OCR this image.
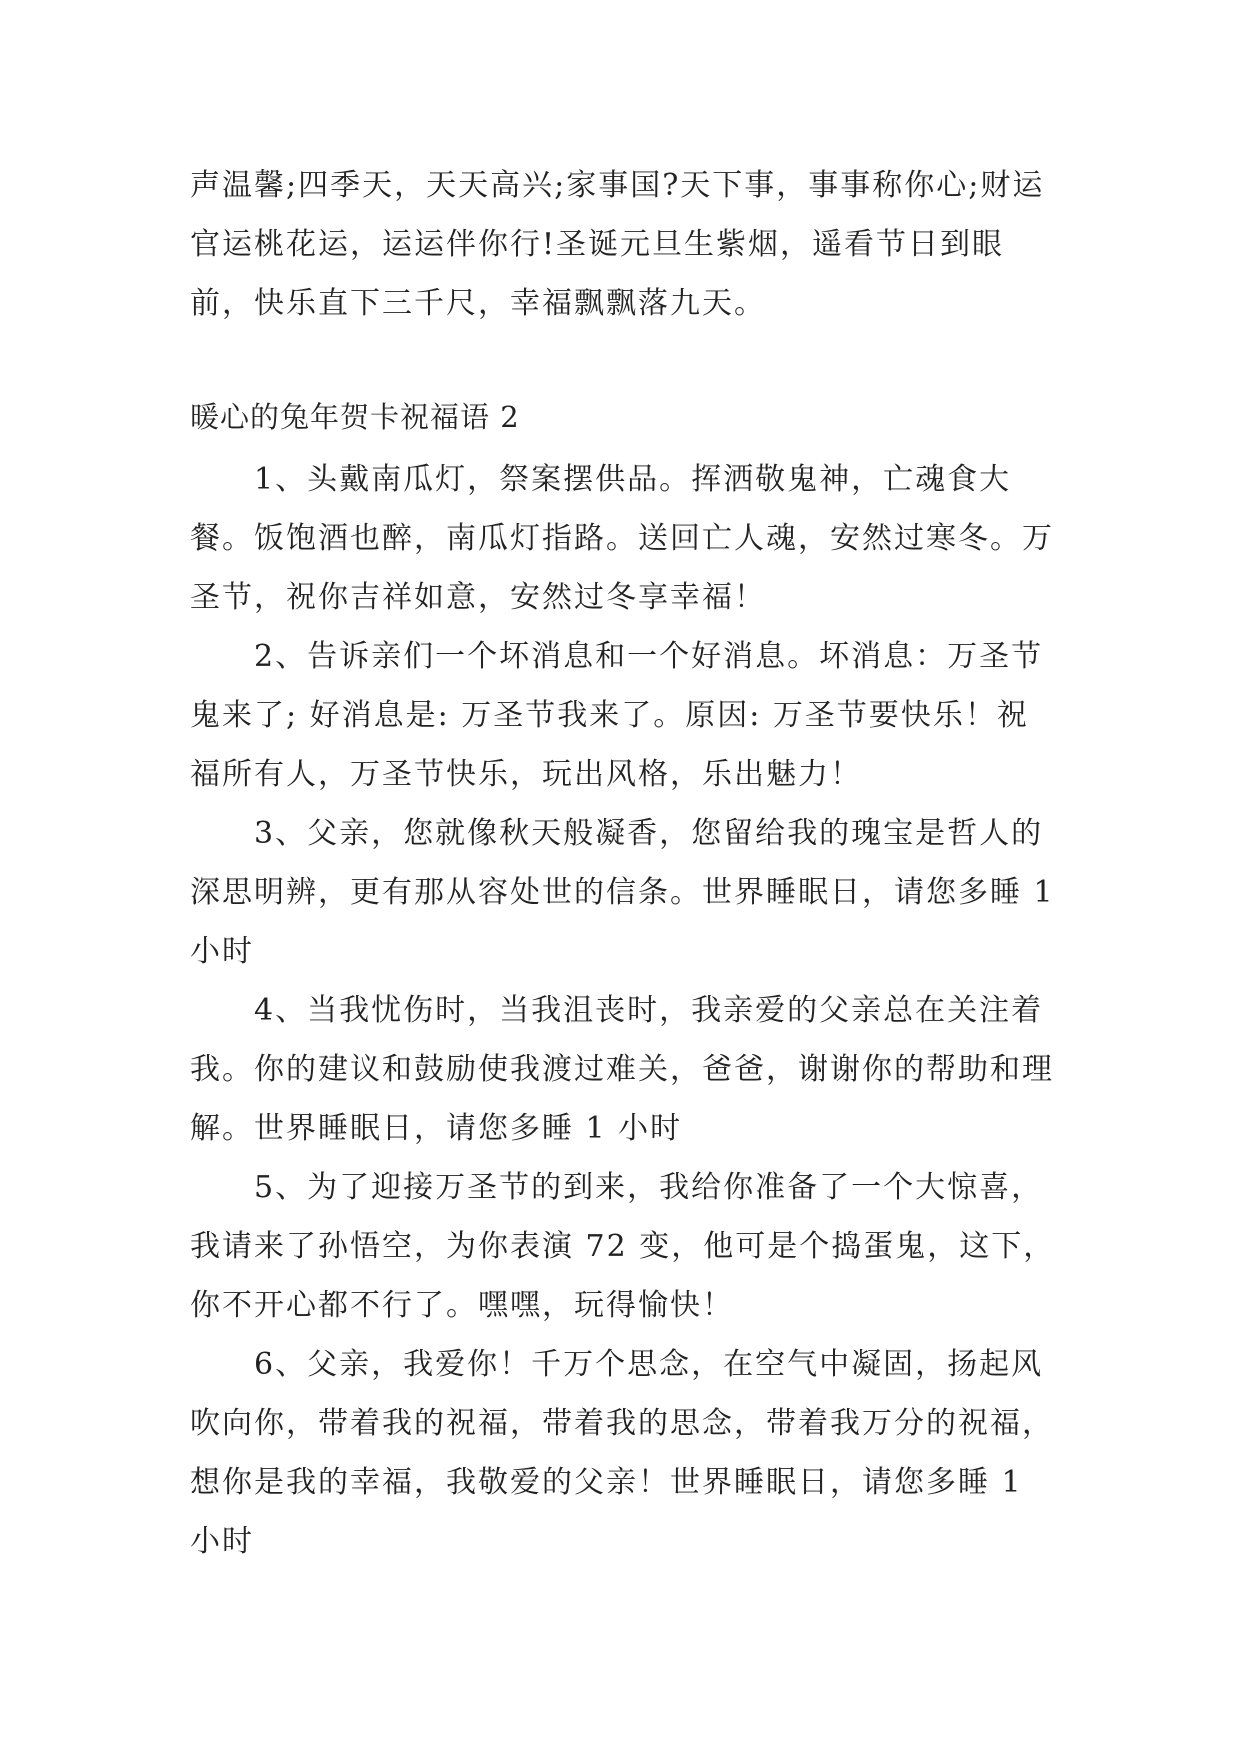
声温馨;四季天，天天高兴;家事国?天下事，事事称你心;财运官运桃花运，运运伴你行!圣诞元旦生紫烟，遥看节日到眼前，快乐直下三千尺，幸福飘飘落九天。

暖心的兔年贺卡祝福语 2

1、头戴南瓜灯，祭案摆供品。挥洒敬鬼神，亡魂食大餐。饭饱酒也醉，南瓜灯指路。送回亡人魂，安然过寒冬。万圣节，祝你吉祥如意，安然过冬享幸福！

2、告诉亲们一个坏消息和一个好消息。坏消息：万圣节鬼来了; 好消息是: 万圣节我来了。原因: 万圣节要快乐！祝福所有人，万圣节快乐，玩出风格，乐出魅力！

3、父亲，您就像秋天般凝香，您留给我的瑰宝是哲人的深思明辨，更有那从容处世的信条。世界睡眠日，请您多睡 1 小时

4、当我忧伤时，当我沮丧时，我亲爱的父亲总在关注着我。你的建议和鼓励使我渡过难关，爸爸，谢谢你的帮助和理解。世界睡眠日，请您多睡 1 小时

5、为了迎接万圣节的到来，我给你准备了一个大惊喜，我请来了孙悟空，为你表演 72 变，他可是个捣蛋鬼，这下，你不开心都不行了。嘿嘿，玩得愉快！

6、父亲，我爱你！千万个思念，在空气中凝固，扬起风吹向你，带着我的祝福，带着我的思念，带着我万分的祝福，想你是我的幸福，我敬爱的父亲！世界睡眠日，请您多睡 1 小时
